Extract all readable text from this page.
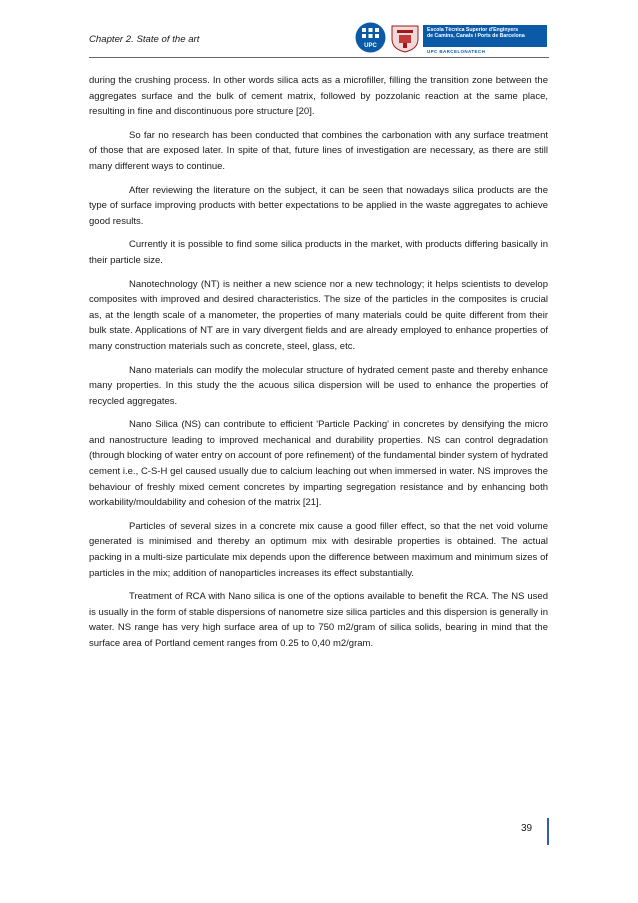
Chapter 2. State of the art
UPC
Escola Tècnica Superior d'Enginyers
de Camins, Canals i Ports de Barcelona
UPC BARCELONATECH

during the crushing process. In other words silica acts as a microfiller, filling the transition zone between the aggregates surface and the bulk of cement matrix, followed by pozzolanic reaction at the same place, resulting in fine and discontinuous pore structure [20].

So far no research has been conducted that combines the carbonation with any surface treatment of those that are exposed later. In spite of that, future lines of investigation are necessary, as there are still many different ways to continue.

After reviewing the literature on the subject, it can be seen that nowadays silica products are the type of surface improving products with better expectations to be applied in the waste aggregates to achieve good results.

Currently it is possible to find some silica products in the market, with products differing basically in their particle size.

Nanotechnology (NT) is neither a new science nor a new technology; it helps scientists to develop composites with improved and desired characteristics. The size of the particles in the composites is crucial as, at the length scale of a manometer, the properties of many materials could be quite different from their bulk state. Applications of NT are in vary divergent fields and are already employed to enhance properties of many construction materials such as concrete, steel, glass, etc.

Nano materials can modify the molecular structure of hydrated cement paste and thereby enhance many properties. In this study the the acuous silica dispersion will be used to enhance the properties of recycled aggregates.

Nano Silica (NS) can contribute to efficient 'Particle Packing' in concretes by densifying the micro and nanostructure leading to improved mechanical and durability properties. NS can control degradation (through blocking of water entry on account of pore refinement) of the fundamental binder system of hydrated cement i.e., C-S-H gel caused usually due to calcium leaching out when immersed in water. NS improves the behaviour of freshly mixed cement concretes by imparting segregation resistance and by enhancing both workability/mouldability and cohesion of the matrix [21].

Particles of several sizes in a concrete mix cause a good filler effect, so that the net void volume generated is minimised and thereby an optimum mix with desirable properties is obtained. The actual packing in a multi-size particulate mix depends upon the difference between maximum and minimum sizes of particles in the mix; addition of nanoparticles increases its effect substantially.

Treatment of RCA with Nano silica is one of the options available to benefit the RCA. The NS used is usually in the form of stable dispersions of nanometre size silica particles and this dispersion is generally in water. NS range has very high surface area of up to 750 m2/gram of silica solids, bearing in mind that the surface area of Portland cement ranges from 0.25 to 0,40 m2/gram.

39
